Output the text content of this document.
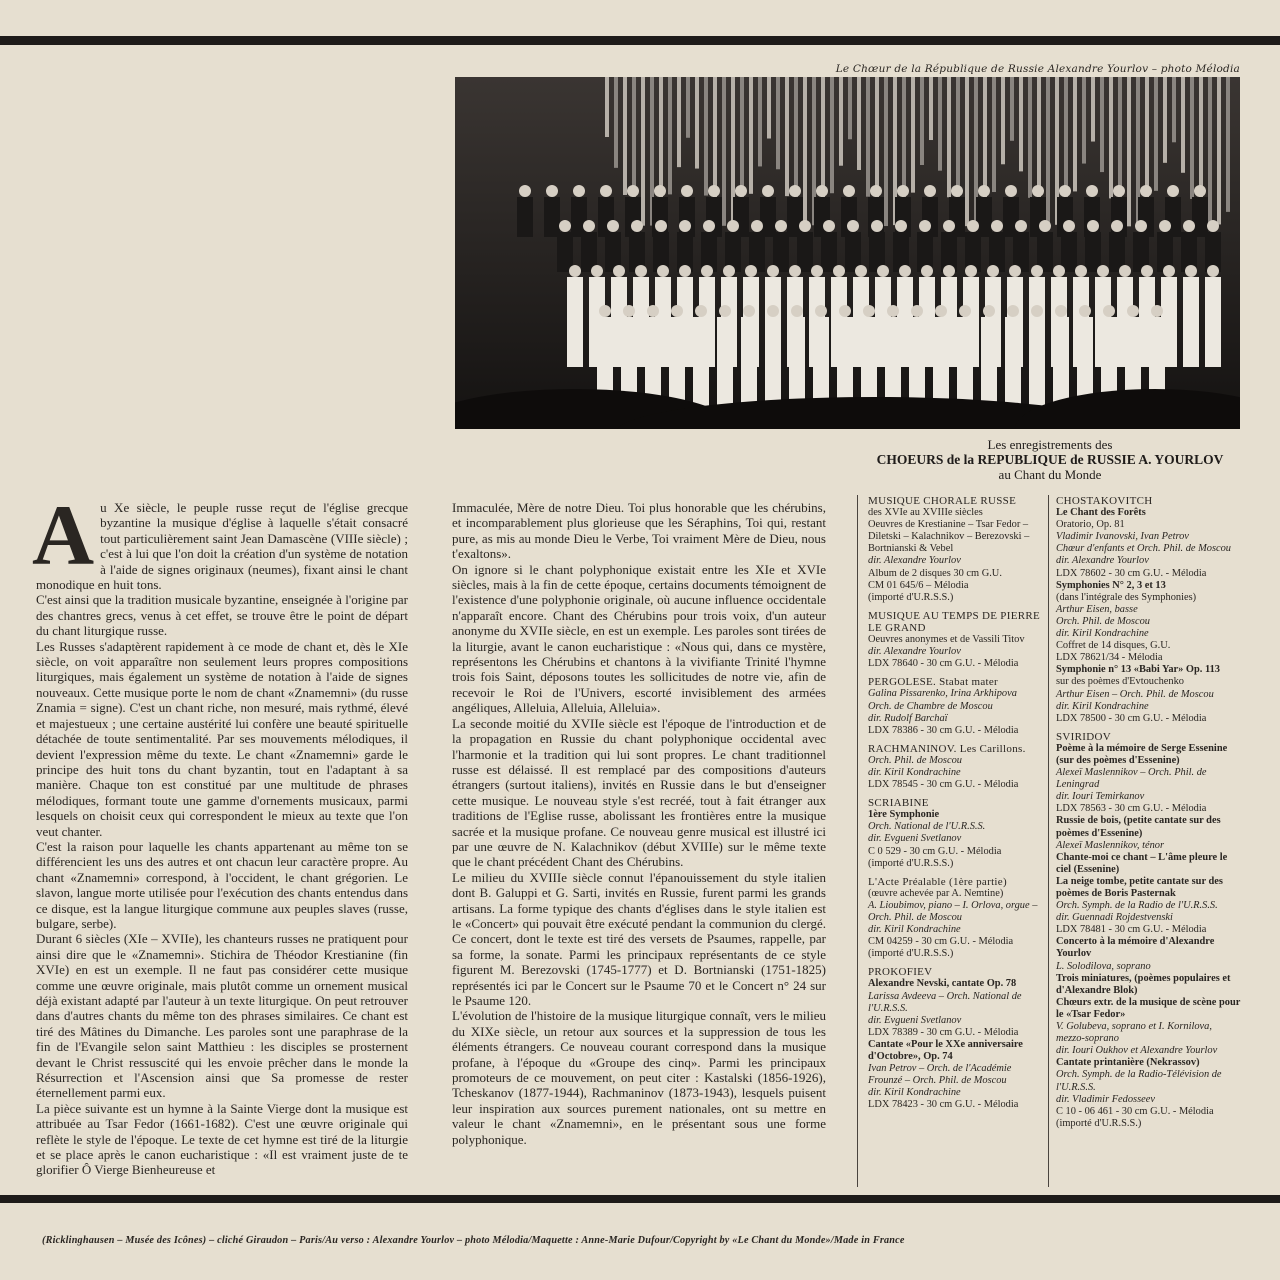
Le Chœur de la République de Russie Alexandre Yourlov – photo Mélodia
Les enregistrements des
CHOEURS de la REPUBLIQUE de RUSSIE A. YOURLOV
au Chant du Monde
A u Xe siècle, le peuple russe reçut de l'église grecque byzantine la musique d'église à laquelle s'était consacré tout particulièrement saint Jean Damascène (VIIIe siècle) ; c'est à lui que l'on doit la création d'un système de notation à l'aide de signes originaux (neumes), fixant ainsi le chant monodique en huit tons.

C'est ainsi que la tradition musicale byzantine, enseignée à l'origine par des chantres grecs, venus à cet effet, se trouve être le point de départ du chant liturgique russe.

Les Russes s'adaptèrent rapidement à ce mode de chant et, dès le XIe siècle, on voit apparaître non seulement leurs propres compositions liturgiques, mais également un système de notation à l'aide de signes nouveaux. Cette musique porte le nom de chant «Znamemni» (du russe Znamia = signe). C'est un chant riche, non mesuré, mais rythmé, élevé et majestueux ; une certaine austérité lui confère une beauté spirituelle détachée de toute sentimentalité. Par ses mouvements mélodiques, il devient l'expression même du texte. Le chant «Znamemni» garde le principe des huit tons du chant byzantin, tout en l'adaptant à sa manière. Chaque ton est constitué par une multitude de phrases mélodiques, formant toute une gamme d'ornements musicaux, parmi lesquels on choisit ceux qui correspondent le mieux au texte que l'on veut chanter.

C'est la raison pour laquelle les chants appartenant au même ton se différencient les uns des autres et ont chacun leur caractère propre. Au chant «Znamemni» correspond, à l'occident, le chant grégorien. Le slavon, langue morte utilisée pour l'exécution des chants entendus dans ce disque, est la langue liturgique commune aux peuples slaves (russe, bulgare, serbe).

Durant 6 siècles (XIe – XVIIe), les chanteurs russes ne pratiquent pour ainsi dire que le «Znamemni». Stichira de Théodor Krestianine (fin XVIe) en est un exemple. Il ne faut pas considérer cette musique comme une œuvre originale, mais plutôt comme un ornement musical déjà existant adapté par l'auteur à un texte liturgique. On peut retrouver dans d'autres chants du même ton des phrases similaires. Ce chant est tiré des Mâtines du Dimanche. Les paroles sont une paraphrase de la fin de l'Evangile selon saint Matthieu : les disciples se prosternent devant le Christ ressuscité qui les envoie prêcher dans le monde la Résurrection et l'Ascension ainsi que Sa promesse de rester éternellement parmi eux.

La pièce suivante est un hymne à la Sainte Vierge dont la musique est attribuée au Tsar Fedor (1661-1682). C'est une œuvre originale qui reflète le style de l'époque. Le texte de cet hymne est tiré de la liturgie et se place après le canon eucharistique : «Il est vraiment juste de te glorifier Ô Vierge Bienheureuse et

Immaculée, Mère de notre Dieu. Toi plus honorable que les chérubins, et incomparablement plus glorieuse que les Séraphins, Toi qui, restant pure, as mis au monde Dieu le Verbe, Toi vraiment Mère de Dieu, nous t'exaltons».

On ignore si le chant polyphonique existait entre les XIe et XVIe siècles, mais à la fin de cette époque, certains documents témoignent de l'existence d'une polyphonie originale, où aucune influence occidentale n'apparaît encore. Chant des Chérubins pour trois voix, d'un auteur anonyme du XVIIe siècle, en est un exemple. Les paroles sont tirées de la liturgie, avant le canon eucharistique : «Nous qui, dans ce mystère, représentons les Chérubins et chantons à la vivifiante Trinité l'hymne trois fois Saint, déposons toutes les sollicitudes de notre vie, afin de recevoir le Roi de l'Univers, escorté invisiblement des armées angéliques, Alleluia, Alleluia, Alleluia».

La seconde moitié du XVIIe siècle est l'époque de l'introduction et de la propagation en Russie du chant polyphonique occidental avec l'harmonie et la tradition qui lui sont propres. Le chant traditionnel russe est délaissé. Il est remplacé par des compositions d'auteurs étrangers (surtout italiens), invités en Russie dans le but d'enseigner cette musique. Le nouveau style s'est recréé, tout à fait étranger aux traditions de l'Eglise russe, abolissant les frontières entre la musique sacrée et la musique profane. Ce nouveau genre musical est illustré ici par une œuvre de N. Kalachnikov (début XVIIIe) sur le même texte que le chant précédent Chant des Chérubins.

Le milieu du XVIIIe siècle connut l'épanouissement du style italien dont B. Galuppi et G. Sarti, invités en Russie, furent parmi les grands artisans. La forme typique des chants d'églises dans le style italien est le «Concert» qui pouvait être exécuté pendant la communion du clergé. Ce concert, dont le texte est tiré des versets de Psaumes, rappelle, par sa forme, la sonate. Parmi les principaux représentants de ce style figurent M. Berezovski (1745-1777) et D. Bortnianski (1751-1825) représentés ici par le Concert sur le Psaume 70 et le Concert n° 24 sur le Psaume 120.

L'évolution de l'histoire de la musique liturgique connaît, vers le milieu du XIXe siècle, un retour aux sources et la suppression de tous les éléments étrangers. Ce nouveau courant correspond dans la musique profane, à l'époque du «Groupe des cinq». Parmi les principaux promoteurs de ce mouvement, on peut citer : Kastalski (1856-1926), Tcheskanov (1877-1944), Rachmaninov (1873-1943), lesquels puisent leur inspiration aux sources purement nationales, ont su mettre en valeur le chant «Znamemni», en le présentant sous une forme polyphonique.

MUSIQUE CHORALE RUSSE
des XVIe au XVIIIe siècles
Oeuvres de Krestianine – Tsar Fedor – Diletski – Kalachnikov – Berezovski – Bortnianski & Vebel
dir. Alexandre Yourlov
Album de 2 disques 30 cm G.U.
CM 01 645/6 – Mélodia
(importé d'U.R.S.S.)
MUSIQUE AU TEMPS DE PIERRE LE GRAND
Oeuvres anonymes et de Vassili Titov
dir. Alexandre Yourlov
LDX 78640 - 30 cm G.U. - Mélodia
PERGOLESE. Stabat mater
Galina Pissarenko, Irina Arkhipova
Orch. de Chambre de Moscou
dir. Rudolf Barchaï
LDX 78386 - 30 cm G.U. - Mélodia
RACHMANINOV. Les Carillons.
Orch. Phil. de Moscou
dir. Kiril Kondrachine
LDX 78545 - 30 cm G.U. - Mélodia
SCRIABINE
1ère Symphonie
Orch. National de l'U.R.S.S.
dir. Evgueni Svetlanov
C 0 529 - 30 cm G.U. - Mélodia
(importé d'U.R.S.S.)
L'Acte Préalable (1ère partie)
(œuvre achevée par A. Nemtine)
A. Lioubimov, piano – I. Orlova, orgue – Orch. Phil. de Moscou
dir. Kiril Kondrachine
CM 04259 - 30 cm G.U. - Mélodia
(importé d'U.R.S.S.)
PROKOFIEV
Alexandre Nevski, cantate Op. 78
Larissa Avdeeva – Orch. National de l'U.R.S.S.
dir. Evgueni Svetlanov
LDX 78389 - 30 cm G.U. - Mélodia
Cantate «Pour le XXe anniversaire d'Octobre», Op. 74
Ivan Petrov – Orch. de l'Académie Frounzé – Orch. Phil. de Moscou
dir. Kiril Kondrachine
LDX 78423 - 30 cm G.U. - Mélodia
CHOSTAKOVITCH
Le Chant des Forêts
Oratorio, Op. 81
Vladimir Ivanovski, Ivan Petrov
Chœur d'enfants et Orch. Phil. de Moscou
dir. Alexandre Yourlov
LDX 78602 - 30 cm G.U. - Mélodia
Symphonies N° 2, 3 et 13
(dans l'intégrale des Symphonies)
Arthur Eisen, basse
Orch. Phil. de Moscou
dir. Kiril Kondrachine
Coffret de 14 disques, G.U.
LDX 78621/34 - Mélodia
Symphonie n° 13 «Babi Yar» Op. 113
sur des poèmes d'Evtouchenko
Arthur Eisen – Orch. Phil. de Moscou
dir. Kiril Kondrachine
LDX 78500 - 30 cm G.U. - Mélodia
SVIRIDOV
Poème à la mémoire de Serge Essenine (sur des poèmes d'Essenine)
Alexeï Maslennikov – Orch. Phil. de Leningrad
dir. Iouri Temirkanov
LDX 78563 - 30 cm G.U. - Mélodia
Russie de bois, (petite cantate sur des poèmes d'Essenine)
Alexeï Maslennikov, ténor
Chante-moi ce chant – L'âme pleure le ciel (Essenine)
La neige tombe, petite cantate sur des poèmes de Boris Pasternak
Orch. Symph. de la Radio de l'U.R.S.S.
dir. Guennadi Rojdestvenski
LDX 78481 - 30 cm G.U. - Mélodia
Concerto à la mémoire d'Alexandre Yourlov
L. Solodilova, soprano
Trois miniatures, (poèmes populaires et d'Alexandre Blok)
Chœurs extr. de la musique de scène pour le «Tsar Fedor»
V. Golubeva, soprano et I. Kornilova, mezzo-soprano
dir. Iouri Oukhov et Alexandre Yourlov
Cantate printanière (Nekrassov)
Orch. Symph. de la Radio-Télévision de l'U.R.S.S.
dir. Vladimir Fedosseev
C 10 - 06 461 - 30 cm G.U. - Mélodia (importé d'U.R.S.S.)
(Ricklinghausen – Musée des Icônes) – cliché Giraudon – Paris/Au verso : Alexandre Yourlov – photo Mélodia/Maquette : Anne-Marie Dufour/Copyright by «Le Chant du Monde»/Made in France
